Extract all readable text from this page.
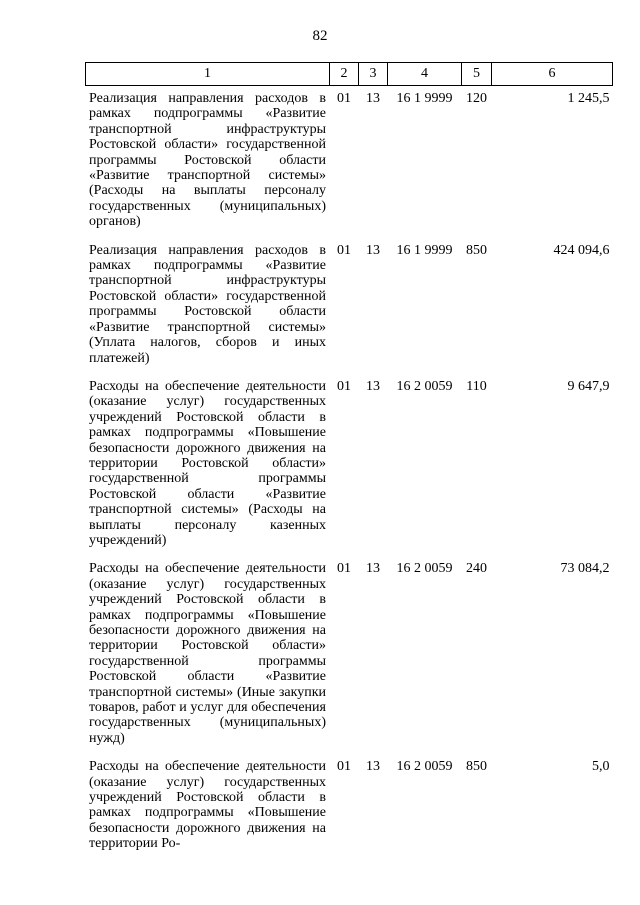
82
1	2	3	4	5	6
Реализация направления расходов в рамках подпрограммы «Развитие транспортной инфраструктуры Ростовской области» государственной программы Ростовской области «Развитие транспортной системы» (Расходы на выплаты персоналу государственных (муниципальных) органов)	01	13	16 1 9999	120	1 245,5
Реализация направления расходов в рамках подпрограммы «Развитие транспортной инфраструктуры Ростовской области» государственной программы Ростовской области «Развитие транспортной системы» (Уплата налогов, сборов и иных платежей)	01	13	16 1 9999	850	424 094,6
Расходы на обеспечение деятельности (оказание услуг) государственных учреждений Ростовской области в рамках подпрограммы «Повышение безопасности дорожного движения на территории Ростовской области» государственной программы Ростовской области «Развитие транспортной системы» (Расходы на выплаты персоналу казенных учреждений)	01	13	16 2 0059	110	9 647,9
Расходы на обеспечение деятельности (оказание услуг) государственных учреждений Ростовской области в рамках подпрограммы «Повышение безопасности дорожного движения на территории Ростовской области» государственной программы Ростовской области «Развитие транспортной системы» (Иные закупки товаров, работ и услуг для обеспечения государственных (муниципальных) нужд)	01	13	16 2 0059	240	73 084,2
Расходы на обеспечение деятельности (оказание услуг) государственных учреждений Ростовской области в рамках подпрограммы «Повышение безопасности дорожного движения на территории Ро-	01	13	16 2 0059	850	5,0
